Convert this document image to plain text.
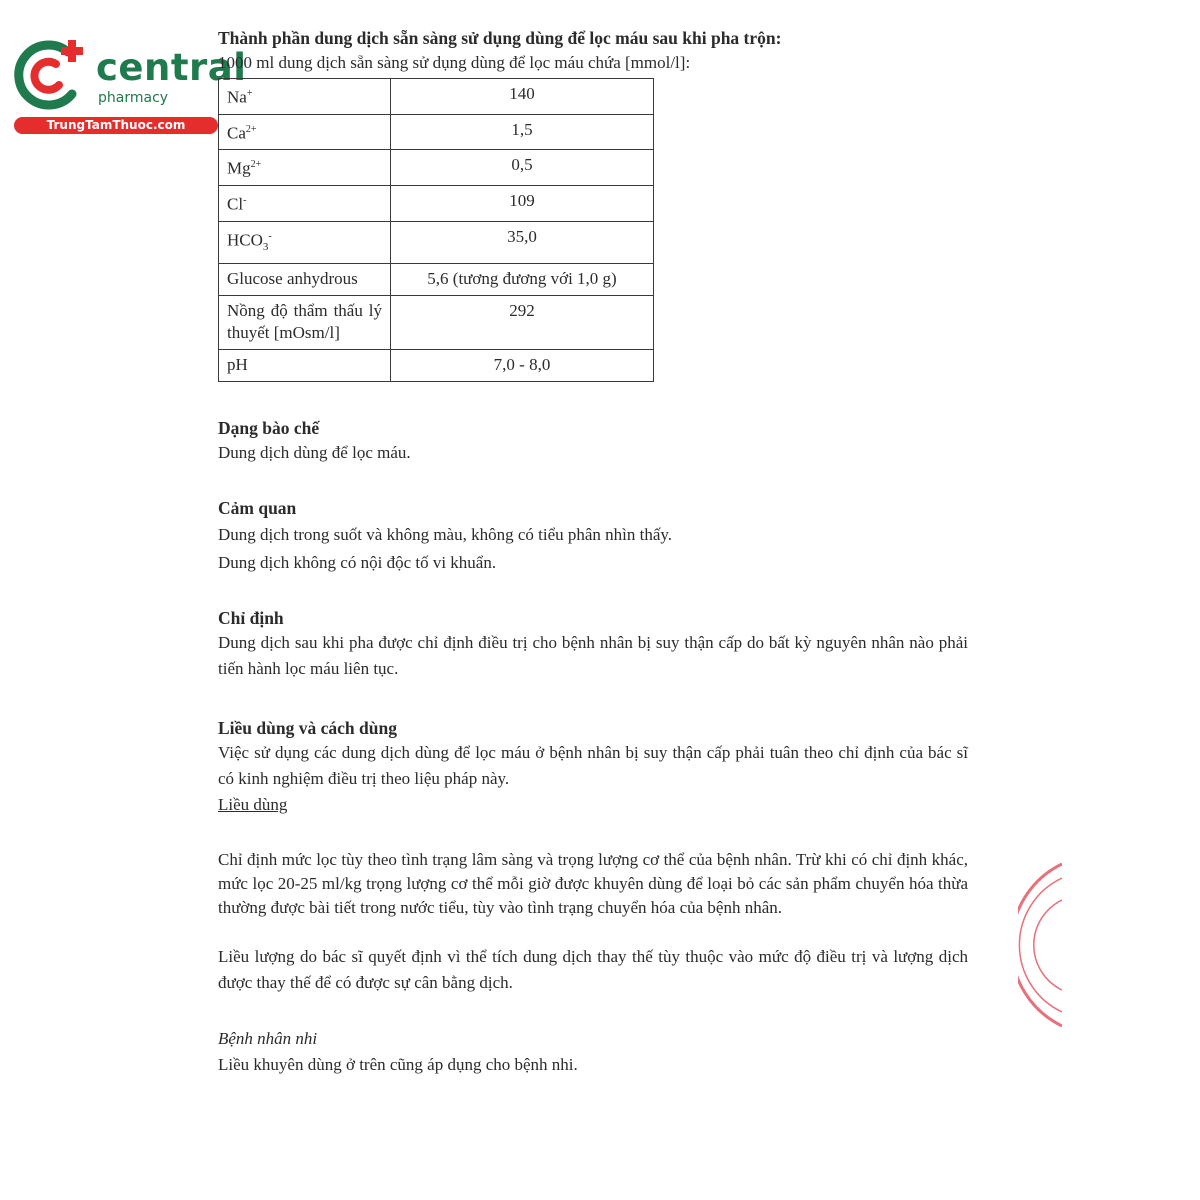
central
pharmacy
TrungTamThuoc.com

Thành phần dung dịch sẵn sàng sử dụng dùng để lọc máu sau khi pha trộn:

1000 ml dung dịch sẵn sàng sử dụng dùng để lọc máu chứa [mmol/l]:

Na+	140
$Ca^{2+}$	1,5
$Mg^{2+}$	0,5
Cl-	109
$HCO_3^-$	35,0
Glucose anhydrous	5,6 (tương đương với 1,0 g)
Nồng độ thẩm thấu lý thuyết [mOsm/l]	292
pH	7,0 - 8,0

Dạng bào chế

Dung dịch dùng để lọc máu.

Cảm quan

Dung dịch trong suốt và không màu, không có tiểu phân nhìn thấy.

Dung dịch không có nội độc tố vi khuẩn.

Chỉ định

Dung dịch sau khi pha được chỉ định điều trị cho bệnh nhân bị suy thận cấp do bất kỳ nguyên nhân nào phải tiến hành lọc máu liên tục.

Liều dùng và cách dùng

Việc sử dụng các dung dịch dùng để lọc máu ở bệnh nhân bị suy thận cấp phải tuân theo chỉ định của bác sĩ có kinh nghiệm điều trị theo liệu pháp này.

Liều dùng

Chỉ định mức lọc tùy theo tình trạng lâm sàng và trọng lượng cơ thể của bệnh nhân. Trừ khi có chỉ định khác, mức lọc 20-25 ml/kg trọng lượng cơ thể mỗi giờ được khuyên dùng để loại bỏ các sản phẩm chuyển hóa thừa thường được bài tiết trong nước tiểu, tùy vào tình trạng chuyển hóa của bệnh nhân.

Liều lượng do bác sĩ quyết định vì thể tích dung dịch thay thế tùy thuộc vào mức độ điều trị và lượng dịch được thay thế để có được sự cân bằng dịch.

Bệnh nhân nhi

Liều khuyên dùng ở trên cũng áp dụng cho bệnh nhi.
